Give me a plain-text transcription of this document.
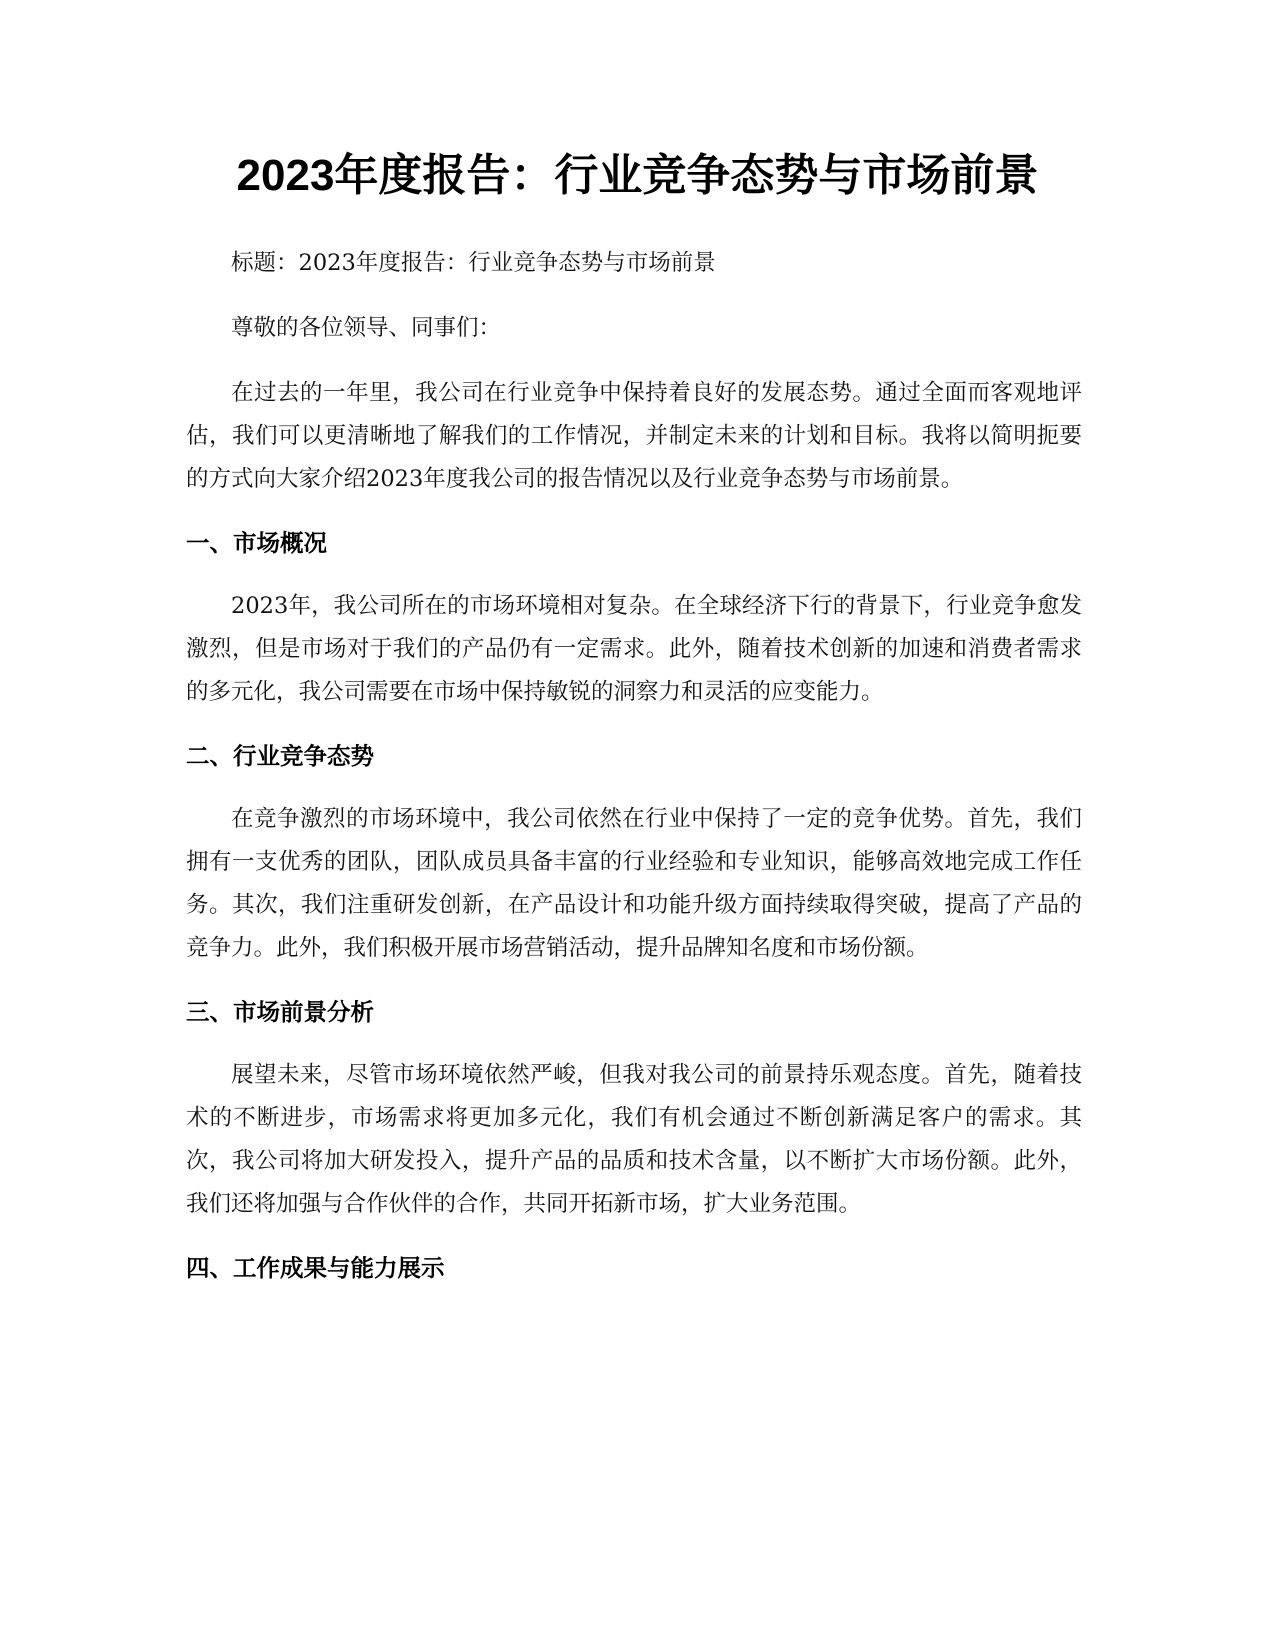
2023年度报告：行业竞争态势与市场前景

标题：2023年度报告：行业竞争态势与市场前景

尊敬的各位领导、同事们：

在过去的一年里，我公司在行业竞争中保持着良好的发展态势。通过全面而客观地评估，我们可以更清晰地了解我们的工作情况，并制定未来的计划和目标。我将以简明扼要的方式向大家介绍2023年度我公司的报告情况以及行业竞争态势与市场前景。

一、市场概况

2023年，我公司所在的市场环境相对复杂。在全球经济下行的背景下，行业竞争愈发激烈，但是市场对于我们的产品仍有一定需求。此外，随着技术创新的加速和消费者需求的多元化，我公司需要在市场中保持敏锐的洞察力和灵活的应变能力。

二、行业竞争态势

在竞争激烈的市场环境中，我公司依然在行业中保持了一定的竞争优势。首先，我们拥有一支优秀的团队，团队成员具备丰富的行业经验和专业知识，能够高效地完成工作任务。其次，我们注重研发创新，在产品设计和功能升级方面持续取得突破，提高了产品的竞争力。此外，我们积极开展市场营销活动，提升品牌知名度和市场份额。

三、市场前景分析

展望未来，尽管市场环境依然严峻，但我对我公司的前景持乐观态度。首先，随着技术的不断进步，市场需求将更加多元化，我们有机会通过不断创新满足客户的需求。其次，我公司将加大研发投入，提升产品的品质和技术含量，以不断扩大市场份额。此外，我们还将加强与合作伙伴的合作，共同开拓新市场，扩大业务范围。

四、工作成果与能力展示
